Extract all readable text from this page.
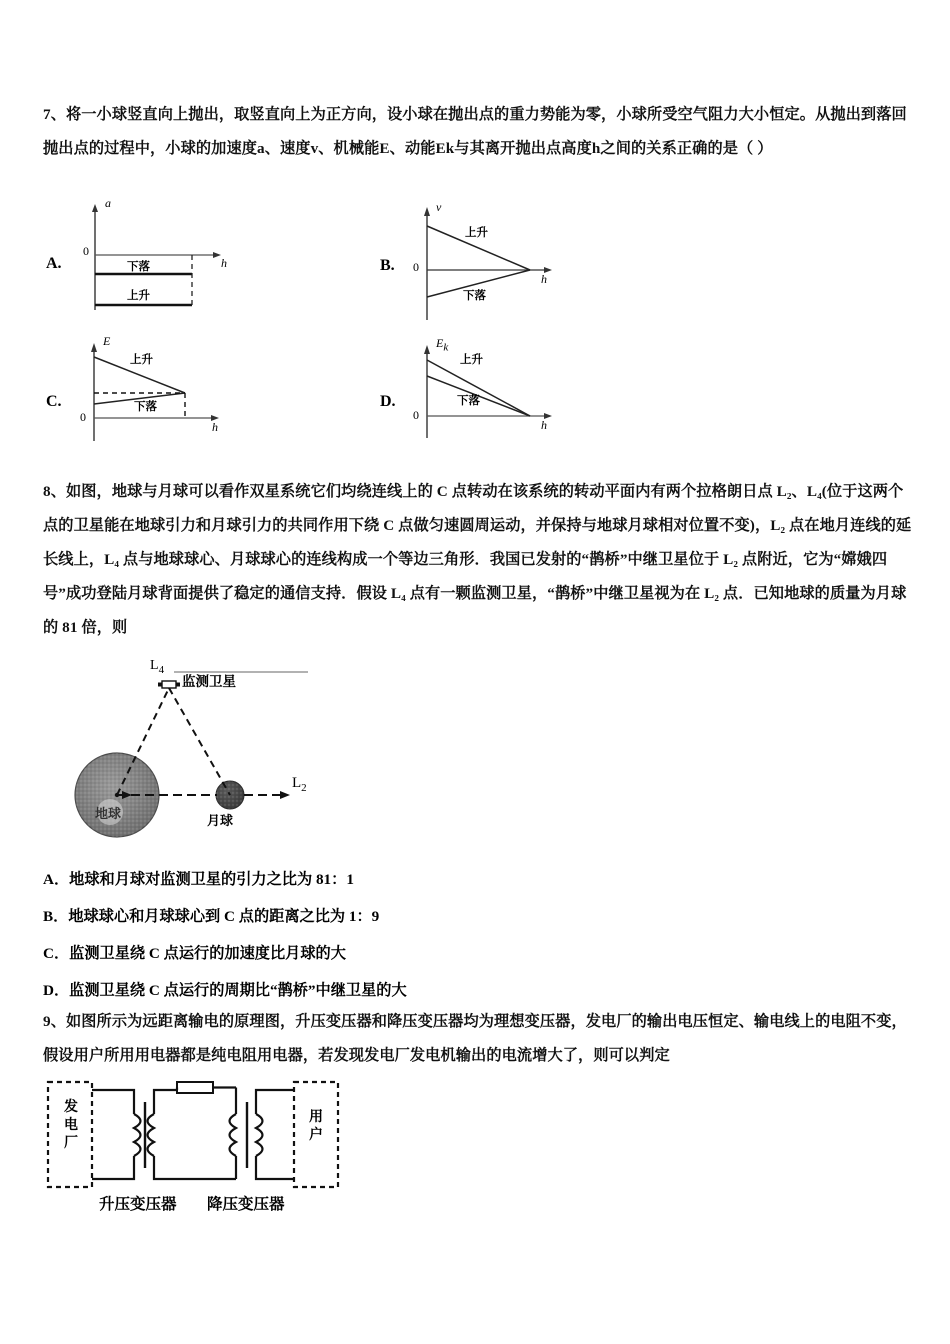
7、将一小球竖直向上抛出，取竖直向上为正方向，设小球在抛出点的重力势能为零，小球所受空气阻力大小恒定。从抛出到落回抛出点的过程中，小球的加速度a、速度v、机械能E、动能Ek与其离开抛出点高度h之间的关系正确的是（ ）
A.
a
0
h
下落
上升
B.
v
0
h
上升
下落
C.
E
0
h
上升
下落	D.
Ek
0
h
上升
下落
8、如图，地球与月球可以看作双星系统它们均绕连线上的 C 点转动在该系统的转动平面内有两个拉格朗日点 L₂、L₄(位于这两个点的卫星能在地球引力和月球引力的共同作用下绕 C 点做匀速圆周运动，并保持与地球月球相对位置不变)，L₂ 点在地月连线的延长线上，L₄ 点与地球球心、月球球心的连线构成一个等边三角形．我国已发射的“鹊桥”中继卫星位于 L₂ 点附近，它为“嫦娥四号”成功登陆月球背面提供了稳定的通信支持．假设 L₄ 点有一颗监测卫星，“鹊桥”中继卫星视为在 L₂ 点．已知地球的质量为月球的 81 倍，则
$L_4$
监测卫星
$L_2$
月球
地球
A．地球和月球对监测卫星的引力之比为 81：1
B．地球球心和月球球心到 C 点的距离之比为 1：9
C．监测卫星绕 C 点运行的加速度比月球的大
D．监测卫星绕 C 点运行的周期比“鹊桥”中继卫星的大
9、如图所示为远距离输电的原理图，升压变压器和降压变压器均为理想变压器，发电厂的输出电压恒定、输电线上的电阻不变，假设用户所用用电器都是纯电阻用电器，若发现发电厂发电机输出的电流增大了，则可以判定
发电厂
用户
升压变压器 降压变压器
